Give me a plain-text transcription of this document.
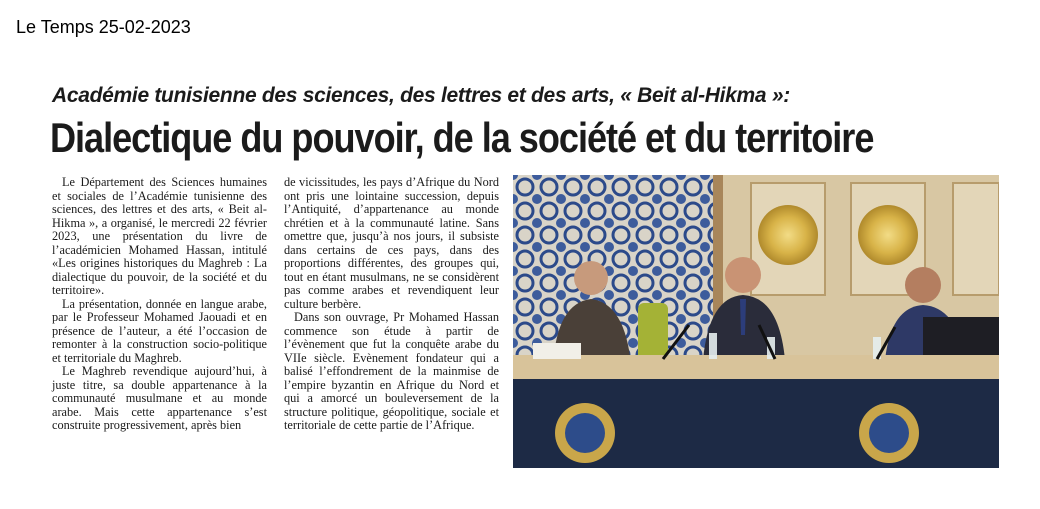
Le Temps 25-02-2023
Académie tunisienne des sciences, des lettres et des arts, « Beit al-Hikma »:
Dialectique du pouvoir, de la société et du territoire

Le Département des Sciences humaines et sociales de l’Académie tunisienne des sciences, des lettres et des arts, « Beit al-Hikma », a organisé, le mercredi 22 février 2023, une présentation du livre de l’académicien Mohamed Hassan, intitulé «Les origines historiques du Maghreb : La dialectique du pouvoir, de la société et du territoire».

La présentation, donnée en langue arabe, par le Professeur Mohamed Jaouadi et en présence de l’auteur, a été l’occasion de remonter à la construction socio-politique et territoriale du Maghreb.

Le Maghreb revendique aujourd’hui, à juste titre, sa double appartenance à la communauté musulmane et au monde arabe. Mais cette appartenance s’est construite progressivement, après bien

de vicissitudes, les pays d’Afrique du Nord ont pris une lointaine succession, depuis l’Antiquité, d’appartenance au monde chrétien et à la communauté latine. Sans omettre que, jusqu’à nos jours, il subsiste dans certains de ces pays, dans des proportions différentes, des groupes qui, tout en étant musulmans, ne se considèrent pas comme arabes et revendiquent leur culture berbère.

Dans son ouvrage, Pr Mohamed Hassan commence son étude à partir de l’évènement que fut la conquête arabe du VIIe siècle. Evènement fondateur qui a balisé l’effondrement de la mainmise de l’empire byzantin en Afrique du Nord et qui a amorcé un bouleversement de la structure politique, géopolitique, sociale et territoriale de cette partie de l’Afrique.
